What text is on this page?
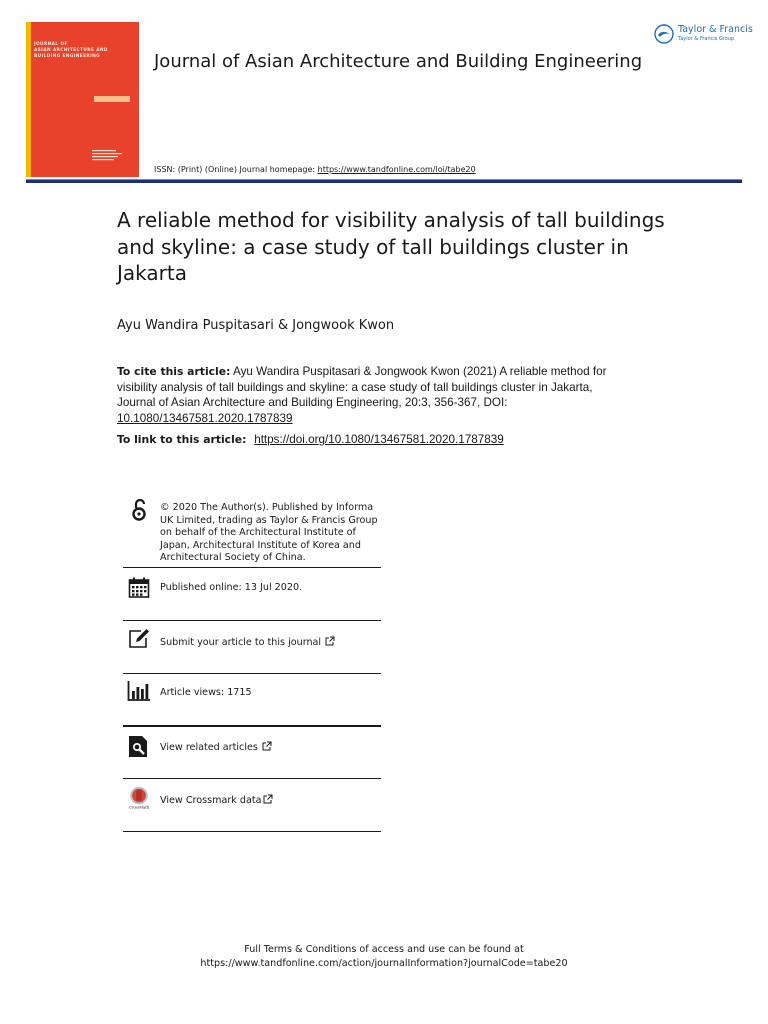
JOURNAL OF
ASIAN ARCHITECTURE AND
BUILDING ENGINEERING	Journal of Asian Architecture and Building Engineering
Taylor & Francis
Taylor & Francis Group
ISSN: (Print) (Online) Journal homepage: https://www.tandfonline.com/loi/tabe20
A reliable method for visibility analysis of tall buildings and skyline: a case study of tall buildings cluster in Jakarta
Ayu Wandira Puspitasari & Jongwook Kwon
To cite this article: Ayu Wandira Puspitasari & Jongwook Kwon (2021) A reliable method for visibility analysis of tall buildings and skyline: a case study of tall buildings cluster in Jakarta, Journal of Asian Architecture and Building Engineering, 20:3, 356-367, DOI: 10.1080/13467581.2020.1787839
To link to this article: https://doi.org/10.1080/13467581.2020.1787839
© 2020 The Author(s). Published by Informa UK Limited, trading as Taylor & Francis Group on behalf of the Architectural Institute of Japan, Architectural Institute of Korea and Architectural Society of China.
Published online: 13 Jul 2020.
Submit your article to this journal
Article views: 1715
View related articles
CrossMark
View Crossmark data
Full Terms & Conditions of access and use can be found at
https://www.tandfonline.com/action/journalInformation?journalCode=tabe20
